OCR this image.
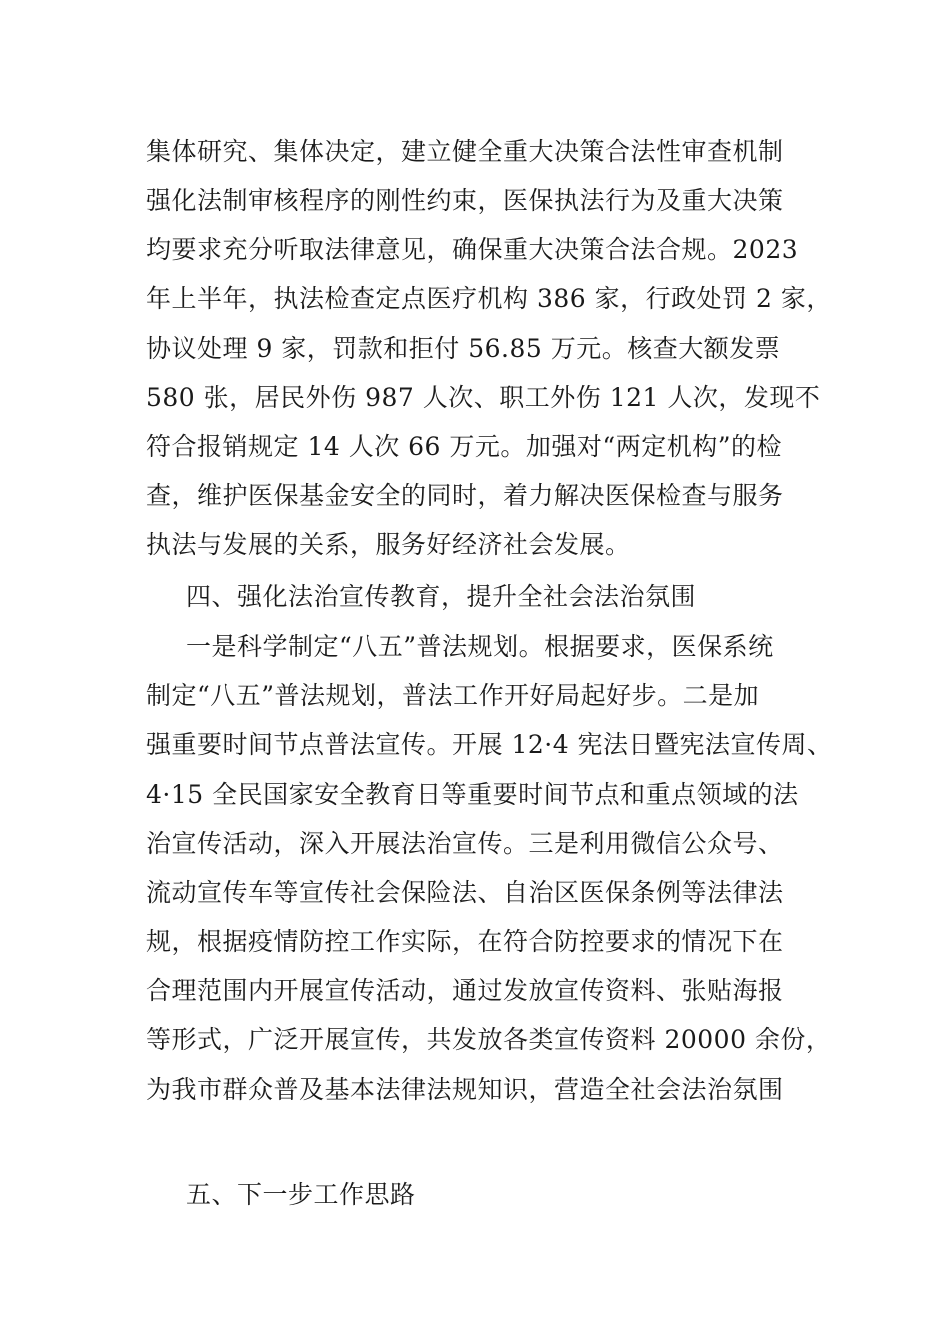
集体研究、集体决定，建立健全重大决策合法性审查机制
强化法制审核程序的刚性约束，医保执法行为及重大决策
均要求充分听取法律意见，确保重大决策合法合规。2023
年上半年，执法检查定点医疗机构 386 家，行政处罚 2 家，
协议处理 9 家，罚款和拒付 56.85 万元。核查大额发票
580 张，居民外伤 987 人次、职工外伤 121 人次，发现不
符合报销规定 14 人次 66 万元。加强对“两定机构”的检
查，维护医保基金安全的同时，着力解决医保检查与服务
执法与发展的关系，服务好经济社会发展。
四、强化法治宣传教育，提升全社会法治氛围
一是科学制定“八五”普法规划。根据要求，医保系统
制定“八五”普法规划，普法工作开好局起好步。二是加
强重要时间节点普法宣传。开展 12·4 宪法日暨宪法宣传周、
4·15 全民国家安全教育日等重要时间节点和重点领域的法
治宣传活动，深入开展法治宣传。三是利用微信公众号、
流动宣传车等宣传社会保险法、自治区医保条例等法律法
规，根据疫情防控工作实际，在符合防控要求的情况下在
合理范围内开展宣传活动，通过发放宣传资料、张贴海报
等形式，广泛开展宣传，共发放各类宣传资料 20000 余份，
为我市群众普及基本法律法规知识，营造全社会法治氛围
五、下一步工作思路
